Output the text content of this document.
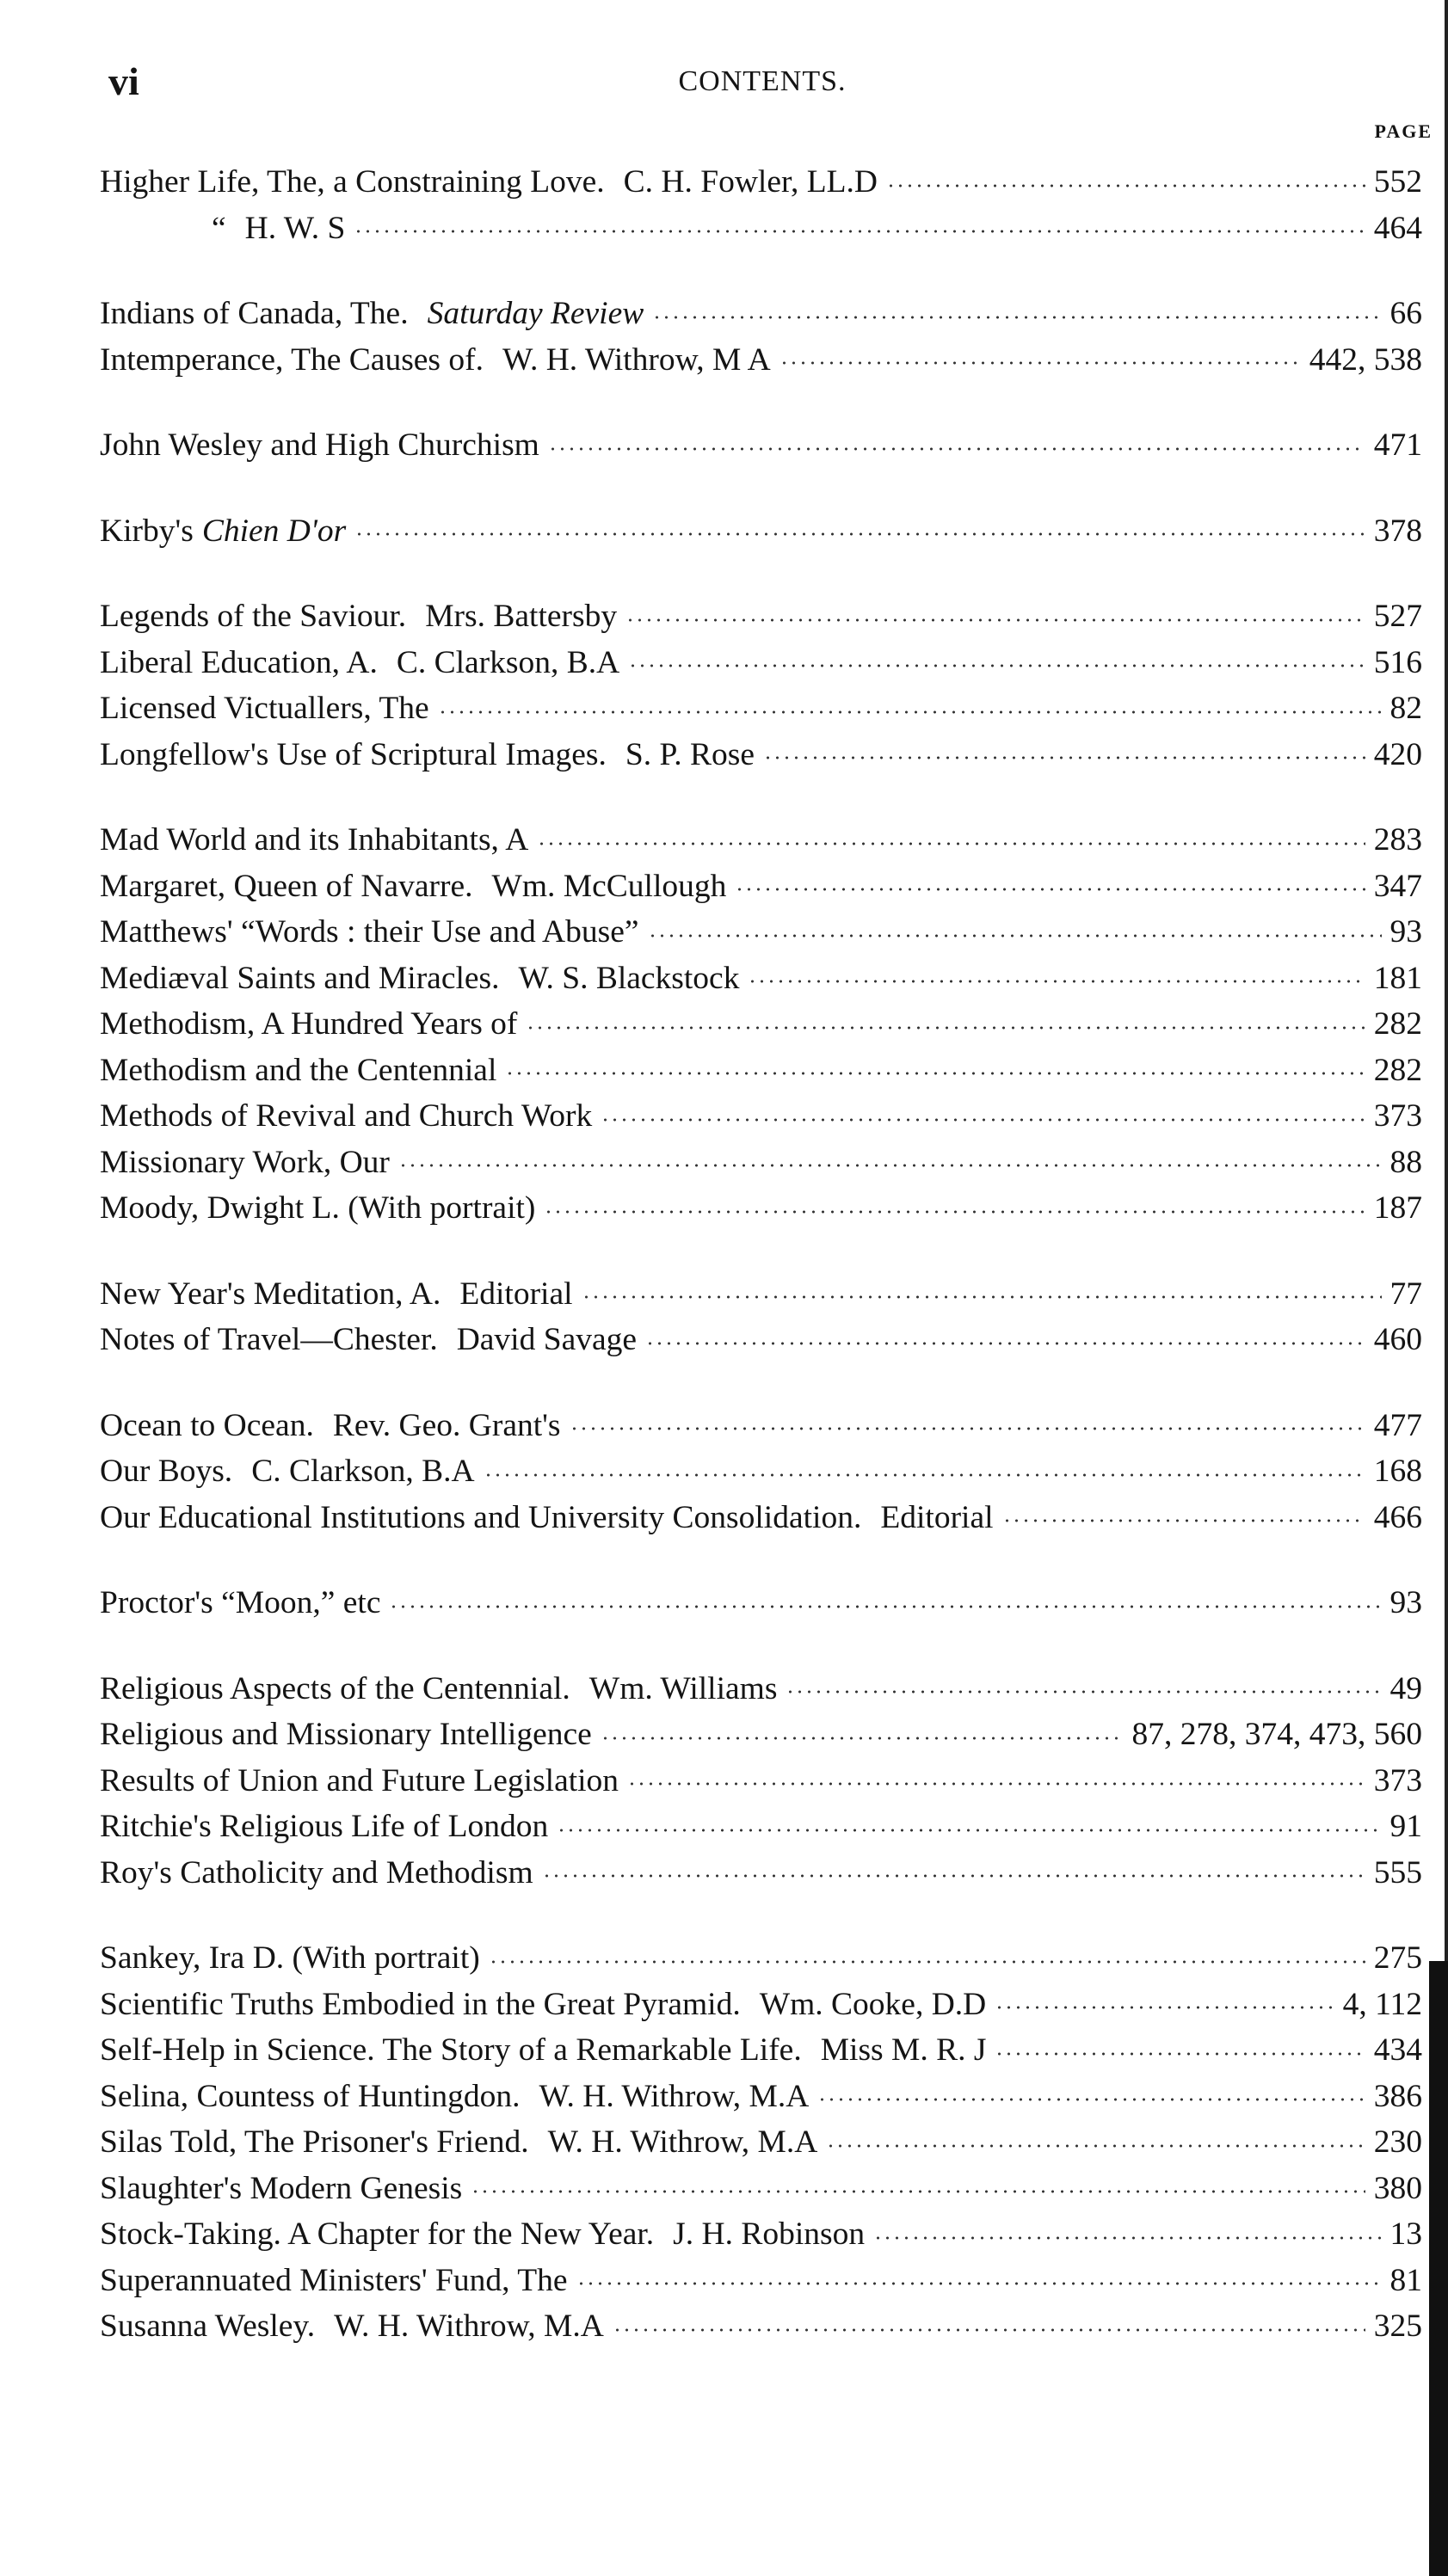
vi	CONTENTS.
PAGE
Higher Life, The, a Constraining Love. C. H. Fowler, LL.D	552
“ H. W. S	464
Indians of Canada, The. Saturday Review	66
Intemperance, The Causes of. W. H. Withrow, M A	442, 538
John Wesley and High Churchism	471
Kirby's Chien D'or	378
Legends of the Saviour. Mrs. Battersby	527
Liberal Education, A. C. Clarkson, B.A	516
Licensed Victuallers, The	82
Longfellow's Use of Scriptural Images. S. P. Rose	420
Mad World and its Inhabitants, A	283
Margaret, Queen of Navarre. Wm. McCullough	347
Matthews' “Words : their Use and Abuse”	93
Mediæval Saints and Miracles. W. S. Blackstock	181
Methodism, A Hundred Years of	282
Methodism and the Centennial	282
Methods of Revival and Church Work	373
Missionary Work, Our	88
Moody, Dwight L. (With portrait)	187
New Year's Meditation, A. Editorial	77
Notes of Travel—Chester. David Savage	460
Ocean to Ocean. Rev. Geo. Grant's	477
Our Boys. C. Clarkson, B.A	168
Our Educational Institutions and University Consolidation. Editorial	466
Proctor's “Moon,” etc	93
Religious Aspects of the Centennial. Wm. Williams	49
Religious and Missionary Intelligence	87, 278, 374, 473, 560
Results of Union and Future Legislation	373
Ritchie's Religious Life of London	91
Roy's Catholicity and Methodism	555
Sankey, Ira D. (With portrait)	275
Scientific Truths Embodied in the Great Pyramid. Wm. Cooke, D.D	4, 112
Self-Help in Science. The Story of a Remarkable Life. Miss M. R. J	434
Selina, Countess of Huntingdon. W. H. Withrow, M.A	386
Silas Told, The Prisoner's Friend. W. H. Withrow, M.A	230
Slaughter's Modern Genesis	380
Stock-Taking. A Chapter for the New Year. J. H. Robinson	13
Superannuated Ministers' Fund, The	81
Susanna Wesley. W. H. Withrow, M.A	325
